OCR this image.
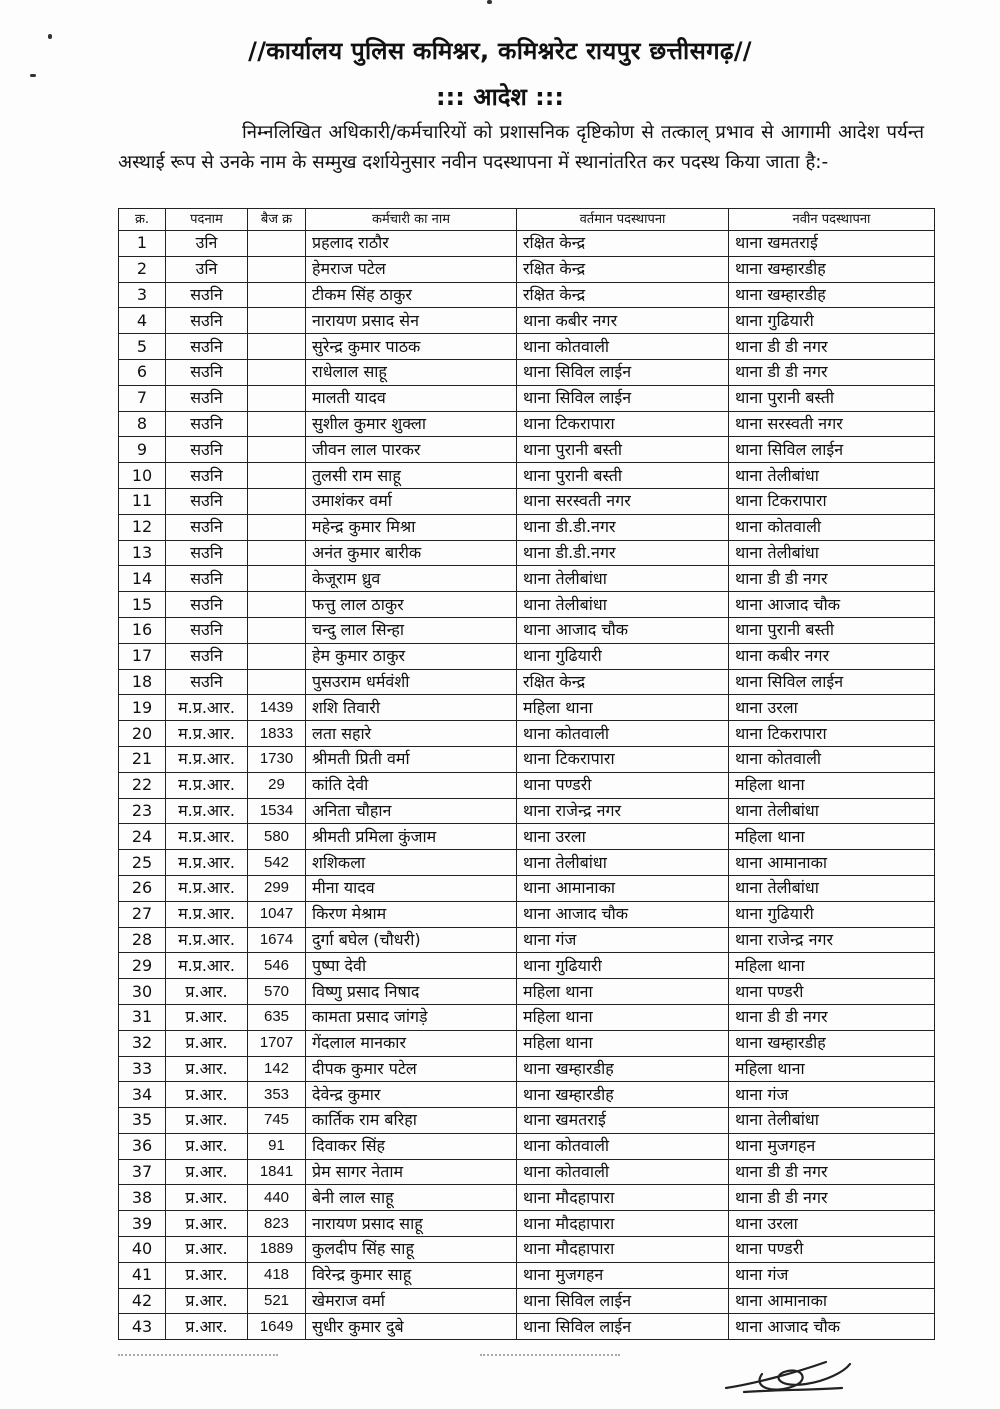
//कार्यालय पुलिस कमिश्नर, कमिश्नरेट रायपुर छत्तीसगढ़//
::: आदेश :::

निम्नलिखित अधिकारी/कर्मचारियों को प्रशासनिक दृष्टिकोण से तत्काल् प्रभाव से आगामी आदेश पर्यन्त अस्थाई रूप से उनके नाम के सम्मुख दर्शायेनुसार नवीन पदस्थापना में स्थानांतरित कर पदस्थ किया जाता है:-

क्र.	पदनाम	बैज क्र	कर्मचारी का नाम	वर्तमान पदस्थापना	नवीन पदस्थापना
1	उनि		प्रहलाद राठौर	रक्षित केन्द्र	थाना खमतराई
2	उनि		हेमराज पटेल	रक्षित केन्द्र	थाना खम्हारडीह
3	सउनि		टीकम सिंह ठाकुर	रक्षित केन्द्र	थाना खम्हारडीह
4	सउनि		नारायण प्रसाद सेन	थाना कबीर नगर	थाना गुढियारी
5	सउनि		सुरेन्द्र कुमार पाठक	थाना कोतवाली	थाना डी डी नगर
6	सउनि		राधेलाल साहू	थाना सिविल लाईन	थाना डी डी नगर
7	सउनि		मालती यादव	थाना सिविल लाईन	थाना पुरानी बस्ती
8	सउनि		सुशील कुमार शुक्ला	थाना टिकरापारा	थाना सरस्वती नगर
9	सउनि		जीवन लाल पारकर	थाना पुरानी बस्ती	थाना सिविल लाईन
10	सउनि		तुलसी राम साहू	थाना पुरानी बस्ती	थाना तेलीबांधा
11	सउनि		उमाशंकर वर्मा	थाना सरस्वती नगर	थाना टिकरापारा
12	सउनि		महेन्द्र कुमार मिश्रा	थाना डी.डी.नगर	थाना कोतवाली
13	सउनि		अनंत कुमार बारीक	थाना डी.डी.नगर	थाना तेलीबांधा
14	सउनि		केजूराम ध्रुव	थाना तेलीबांधा	थाना डी डी नगर
15	सउनि		फत्तु लाल ठाकुर	थाना तेलीबांधा	थाना आजाद चौक
16	सउनि		चन्दु लाल सिन्हा	थाना आजाद चौक	थाना पुरानी बस्ती
17	सउनि		हेम कुमार ठाकुर	थाना गुढियारी	थाना कबीर नगर
18	सउनि		पुसउराम धर्मवंशी	रक्षित केन्द्र	थाना सिविल लाईन
19	म.प्र.आर.	1439	शशि तिवारी	महिला थाना	थाना उरला
20	म.प्र.आर.	1833	लता सहारे	थाना कोतवाली	थाना टिकरापारा
21	म.प्र.आर.	1730	श्रीमती प्रिती वर्मा	थाना टिकरापारा	थाना कोतवाली
22	म.प्र.आर.	29	कांति देवी	थाना पण्डरी	महिला थाना
23	म.प्र.आर.	1534	अनिता चौहान	थाना राजेन्द्र नगर	थाना तेलीबांधा
24	म.प्र.आर.	580	श्रीमती प्रमिला कुंजाम	थाना उरला	महिला थाना
25	म.प्र.आर.	542	शशिकला	थाना तेलीबांधा	थाना आमानाका
26	म.प्र.आर.	299	मीना यादव	थाना आमानाका	थाना तेलीबांधा
27	म.प्र.आर.	1047	किरण मेश्राम	थाना आजाद चौक	थाना गुढियारी
28	म.प्र.आर.	1674	दुर्गा बघेल (चौधरी)	थाना गंज	थाना राजेन्द्र नगर
29	म.प्र.आर.	546	पुष्पा देवी	थाना गुढियारी	महिला थाना
30	प्र.आर.	570	विष्णु प्रसाद निषाद	महिला थाना	थाना पण्डरी
31	प्र.आर.	635	कामता प्रसाद जांगड़े	महिला थाना	थाना डी डी नगर
32	प्र.आर.	1707	गेंदलाल मानकार	महिला थाना	थाना खम्हारडीह
33	प्र.आर.	142	दीपक कुमार पटेल	थाना खम्हारडीह	महिला थाना
34	प्र.आर.	353	देवेन्द्र कुमार	थाना खम्हारडीह	थाना गंज
35	प्र.आर.	745	कार्तिक राम बरिहा	थाना खमतराई	थाना तेलीबांधा
36	प्र.आर.	91	दिवाकर सिंह	थाना कोतवाली	थाना मुजगहन
37	प्र.आर.	1841	प्रेम सागर नेताम	थाना कोतवाली	थाना डी डी नगर
38	प्र.आर.	440	बेनी लाल साहू	थाना मौदहापारा	थाना डी डी नगर
39	प्र.आर.	823	नारायण प्रसाद साहू	थाना मौदहापारा	थाना उरला
40	प्र.आर.	1889	कुलदीप सिंह साहू	थाना मौदहापारा	थाना पण्डरी
41	प्र.आर.	418	विरेन्द्र कुमार साहू	थाना मुजगहन	थाना गंज
42	प्र.आर.	521	खेमराज वर्मा	थाना सिविल लाईन	थाना आमानाका
43	प्र.आर.	1649	सुधीर कुमार दुबे	थाना सिविल लाईन	थाना आजाद चौक
